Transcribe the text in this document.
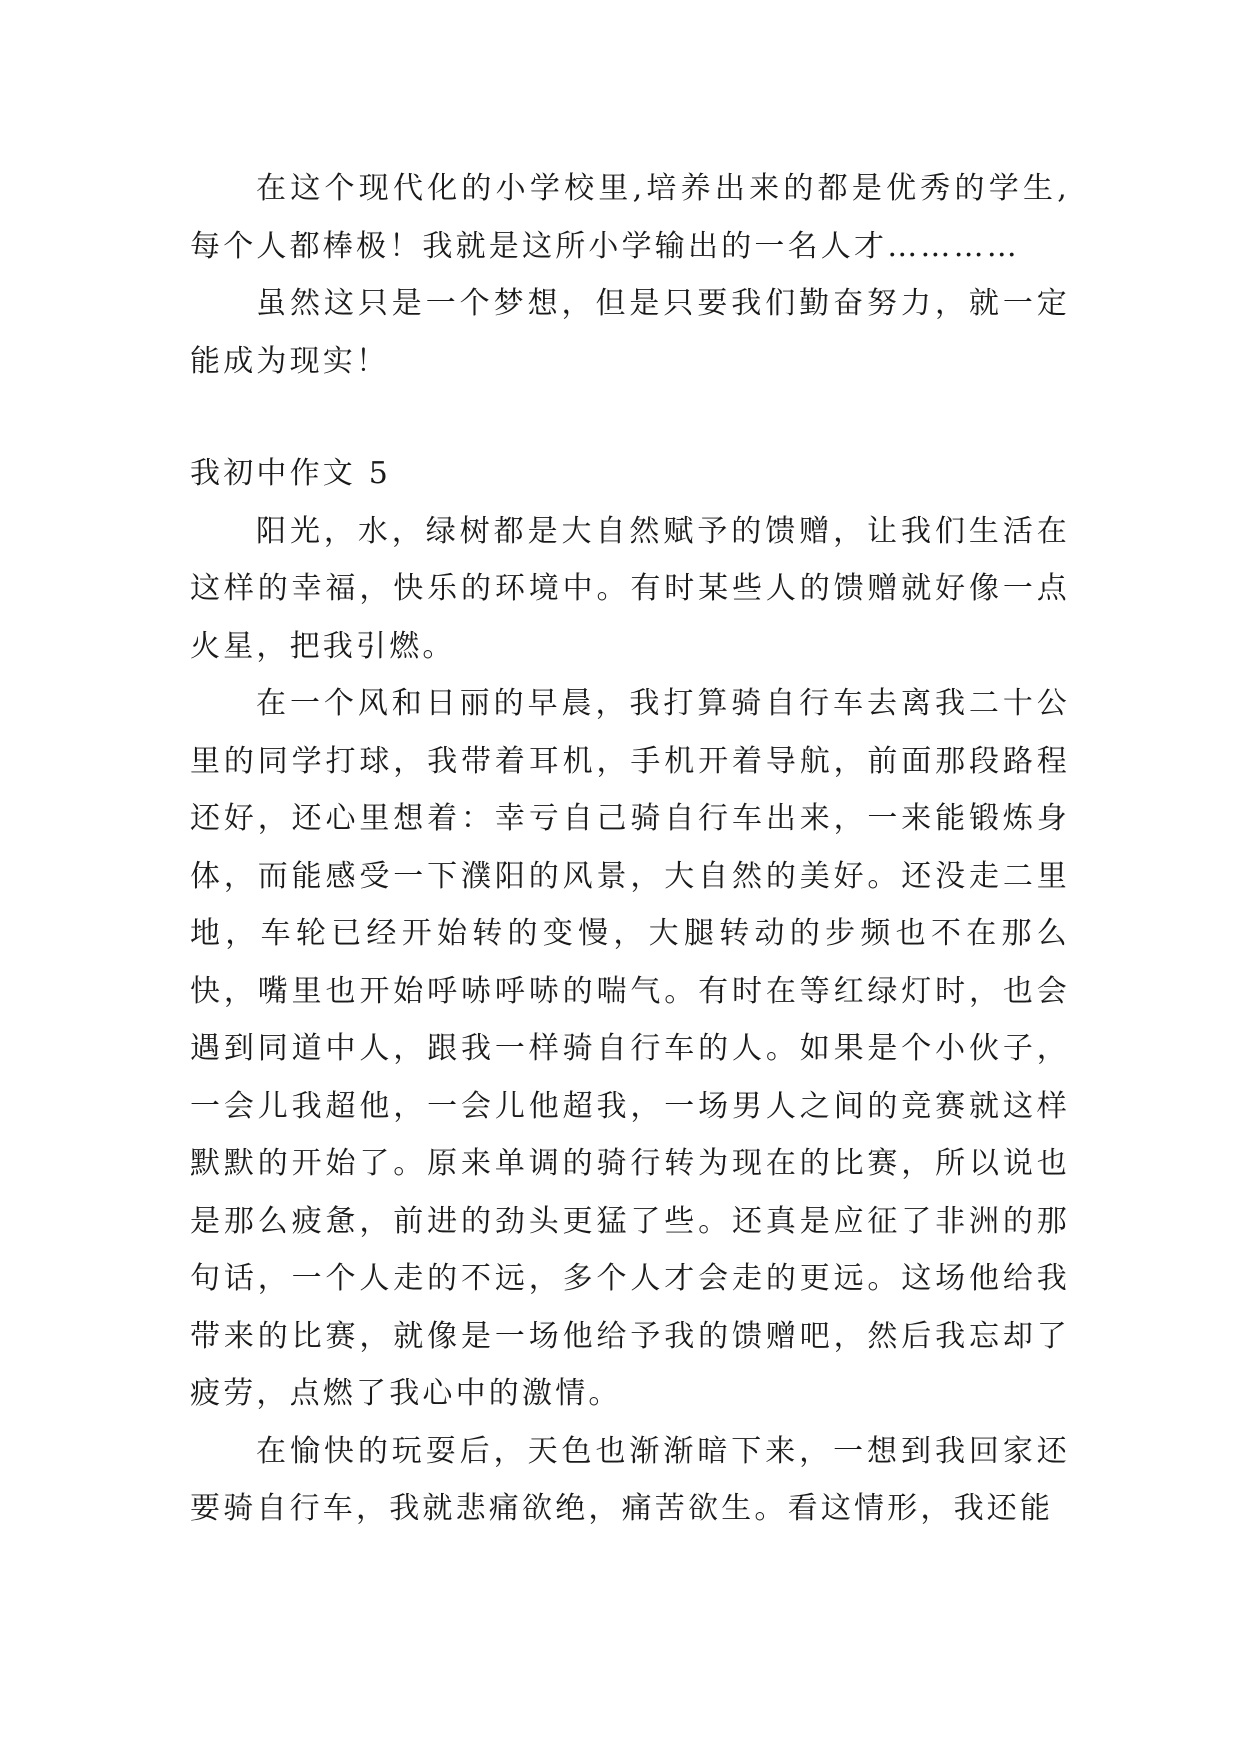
在这个现代化的小学校里,培养出来的都是优秀的学生,每个人都棒极！我就是这所小学输出的一名人才…………

虽然这只是一个梦想，但是只要我们勤奋努力，就一定能成为现实！

我初中作文 5

阳光，水，绿树都是大自然赋予的馈赠，让我们生活在这样的幸福，快乐的环境中。有时某些人的馈赠就好像一点火星，把我引燃。

在一个风和日丽的早晨，我打算骑自行车去离我二十公里的同学打球，我带着耳机，手机开着导航，前面那段路程还好，还心里想着：幸亏自己骑自行车出来，一来能锻炼身体，而能感受一下濮阳的风景，大自然的美好。还没走二里地，车轮已经开始转的变慢，大腿转动的步频也不在那么快，嘴里也开始呼哧呼哧的喘气。有时在等红绿灯时，也会遇到同道中人，跟我一样骑自行车的人。如果是个小伙子，一会儿我超他，一会儿他超我，一场男人之间的竞赛就这样默默的开始了。原来单调的骑行转为现在的比赛，所以说也是那么疲惫，前进的劲头更猛了些。还真是应征了非洲的那句话，一个人走的不远，多个人才会走的更远。这场他给我带来的比赛，就像是一场他给予我的馈赠吧，然后我忘却了疲劳，点燃了我心中的激情。

在愉快的玩耍后，天色也渐渐暗下来，一想到我回家还要骑自行车，我就悲痛欲绝，痛苦欲生。看这情形，我还能
